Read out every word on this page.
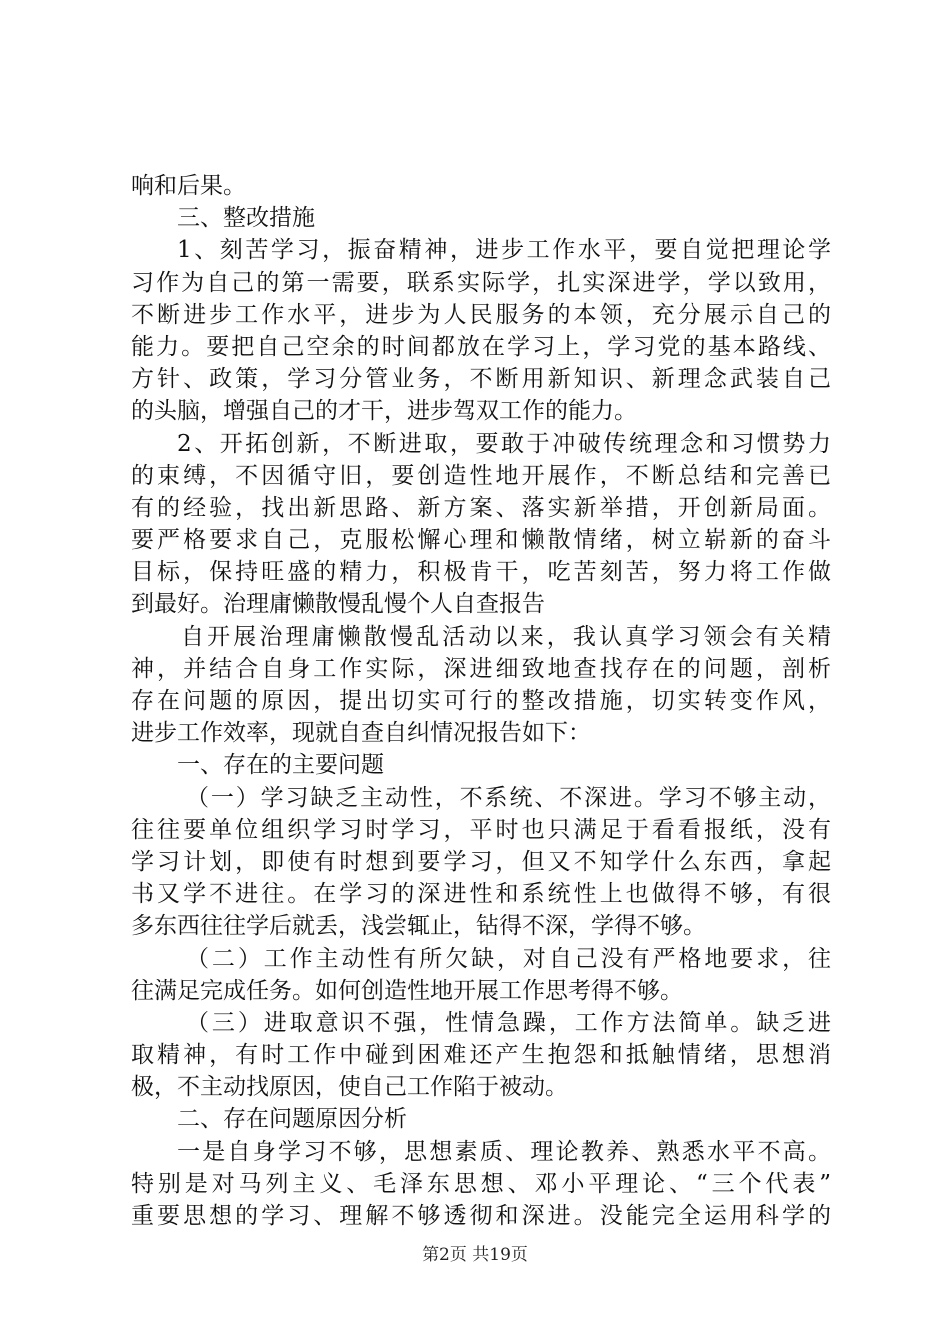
响和后果。
三、整改措施
1、刻苦学习，振奋精神，进步工作水平，要自觉把理论学
习作为自己的第一需要，联系实际学，扎实深进学，学以致用，
不断进步工作水平，进步为人民服务的本领，充分展示自己的
能力。要把自己空余的时间都放在学习上，学习党的基本路线、
方针、政策，学习分管业务，不断用新知识、新理念武装自己
的头脑，增强自己的才干，进步驾双工作的能力。
2、开拓创新，不断进取，要敢于冲破传统理念和习惯势力
的束缚，不因循守旧，要创造性地开展作，不断总结和完善已
有的经验，找出新思路、新方案、落实新举措，开创新局面。
要严格要求自己，克服松懈心理和懒散情绪，树立崭新的奋斗
目标，保持旺盛的精力，积极肯干，吃苦刻苦，努力将工作做
到最好。治理庸懒散慢乱慢个人自查报告
自开展治理庸懒散慢乱活动以来，我认真学习领会有关精
神，并结合自身工作实际，深进细致地查找存在的问题，剖析
存在问题的原因，提出切实可行的整改措施，切实转变作风，
进步工作效率，现就自查自纠情况报告如下：
一、存在的主要问题
（一）学习缺乏主动性，不系统、不深进。学习不够主动，
往往要单位组织学习时学习，平时也只满足于看看报纸，没有
学习计划，即使有时想到要学习，但又不知学什么东西，拿起
书又学不进往。在学习的深进性和系统性上也做得不够，有很
多东西往往学后就丢，浅尝辄止，钻得不深，学得不够。
（二）工作主动性有所欠缺，对自己没有严格地要求，往
往满足完成任务。如何创造性地开展工作思考得不够。
（三）进取意识不强，性情急躁，工作方法简单。缺乏进
取精神，有时工作中碰到困难还产生抱怨和抵触情绪，思想消
极，不主动找原因，使自己工作陷于被动。
二、存在问题原因分析
一是自身学习不够，思想素质、理论教养、熟悉水平不高。
特别是对马列主义、毛泽东思想、邓小平理论、“三个代表”
重要思想的学习、理解不够透彻和深进。没能完全运用科学的
第2页 共19页
